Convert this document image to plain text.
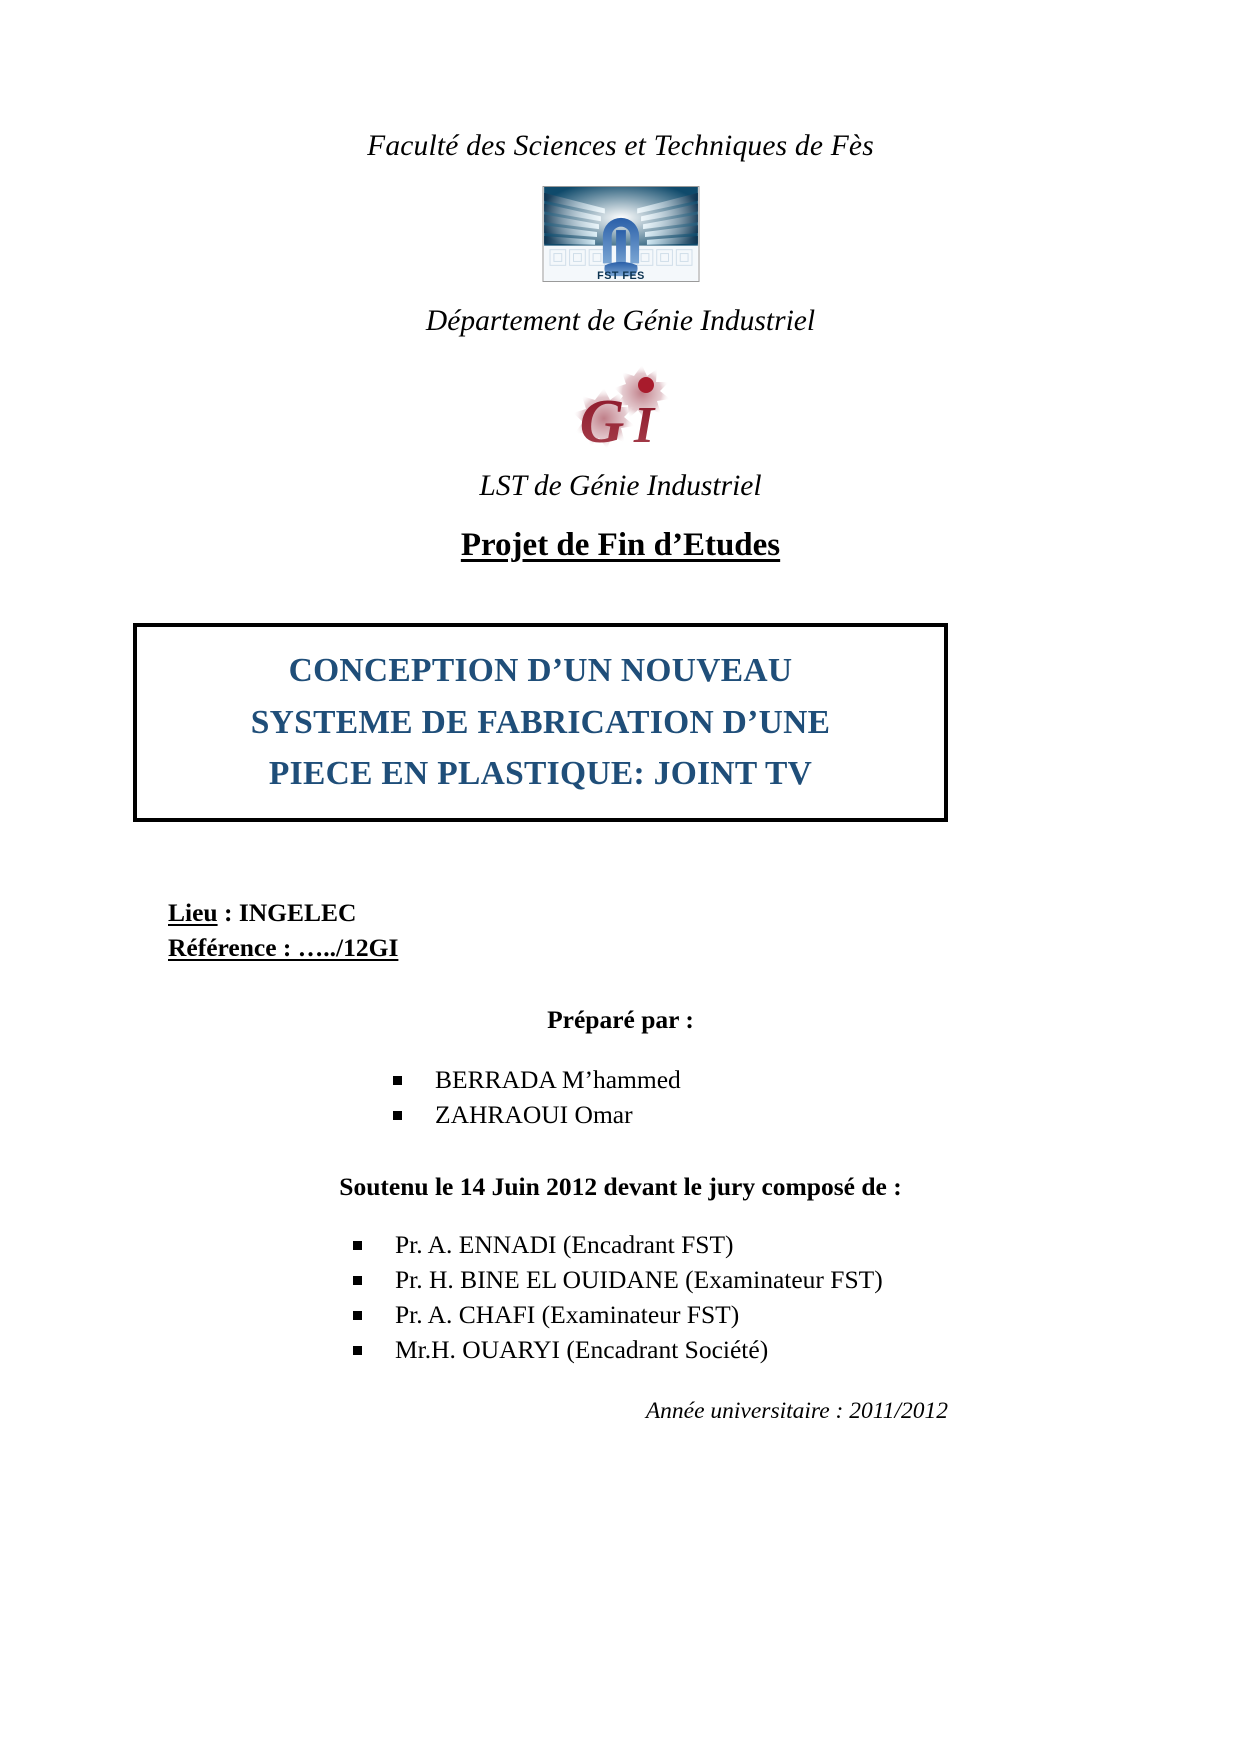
Faculté des Sciences et Techniques de Fès
FST FES
Département de Génie Industriel
G I
LST de Génie Industriel
Projet de Fin d’Etudes
CONCEPTION D’UN NOUVEAU
SYSTEME DE FABRICATION D’UNE
PIECE EN PLASTIQUE: JOINT TV
Lieu : INGELEC
Référence : …../12GI
Préparé par :
BERRADA M’hammed
ZAHRAOUI Omar
Soutenu le 14 Juin 2012 devant le jury composé de :
Pr. A. ENNADI (Encadrant FST)
Pr. H. BINE EL OUIDANE (Examinateur FST)
Pr. A. CHAFI (Examinateur FST)
Mr.H. OUARYI (Encadrant Société)
Année universitaire : 2011/2012
